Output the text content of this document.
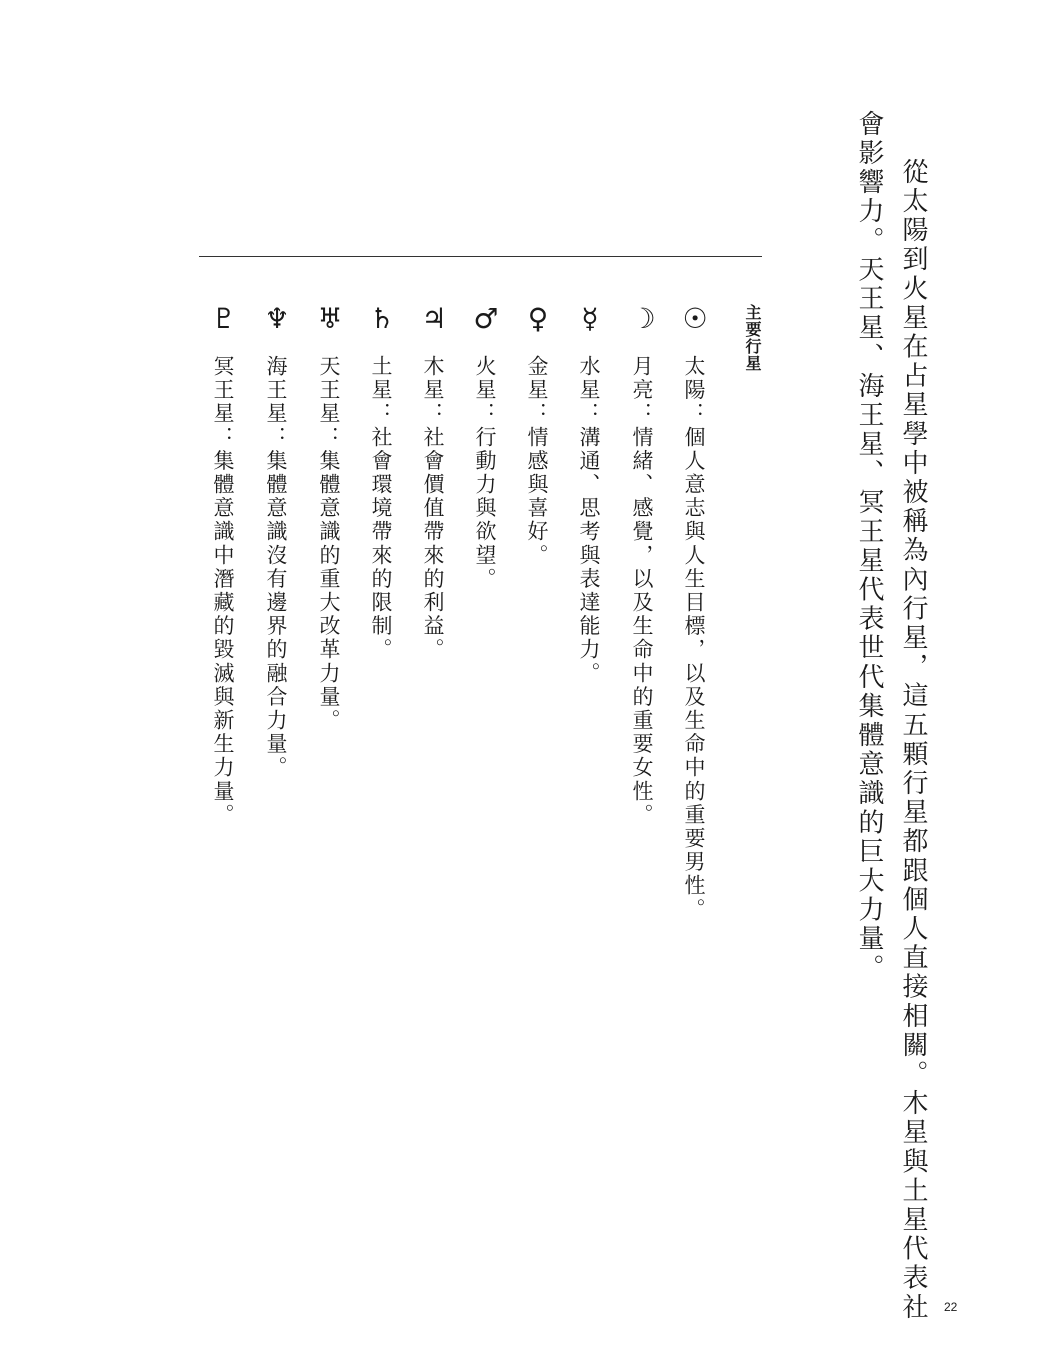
從太陽到火星在占星學中被稱為內行星，這五顆行星都跟個人直接相關。木星與土星代表社

會影響力。天王星、海王星、冥王星代表世代集體意識的巨大力量。

主要行星
☉
太陽：個人意志與人生目標，以及生命中的重要男性。
☽
月亮：情緒、感覺，以及生命中的重要女性。
☿
水星：溝通、思考與表達能力。
♀
金星：情感與喜好。
♂
火星：行動力與欲望。
♃
木星：社會價值帶來的利益。
♄
土星：社會環境帶來的限制。
♅
天王星：集體意識的重大改革力量。
♆
海王星：集體意識沒有邊界的融合力量。
♇
冥王星：集體意識中潛藏的毀滅與新生力量。
22
